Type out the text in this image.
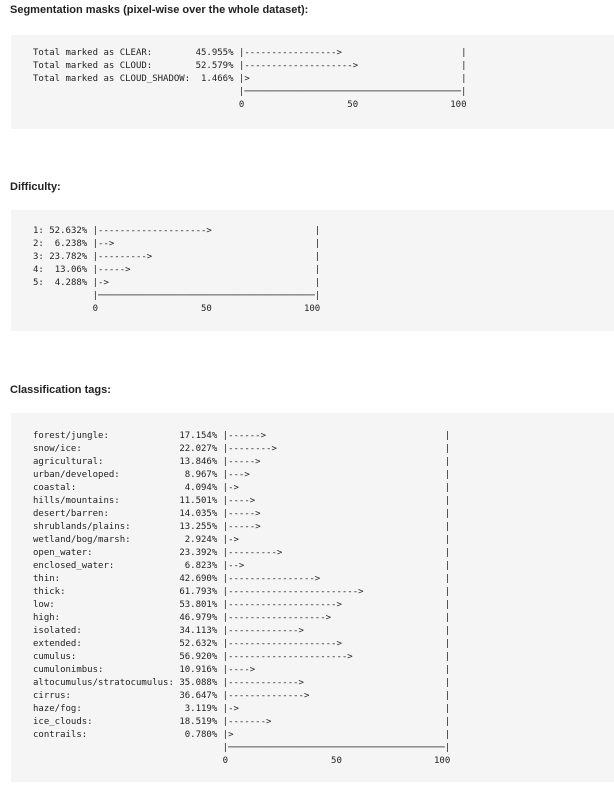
Segmentation masks (pixel-wise over the whole dataset):
Total marked as CLEAR:	45.955% |----------------->                      |
Total marked as CLOUD:	52.579% |-------------------->                   |
Total marked as CLOUD_SHADOW: 1.466% |>                                       |
|────────────────────────────────────────|
0	50	100
Difficulty:
1: 52.632% |-------------------->                   |
2: 6.238% |-->                                     |
3: 23.782% |--------->                              |
4: 13.06% |----->                                  |
5: 4.288% |->                                      |
|────────────────────────────────────────|
0	50	100
Classification tags:
forest/jungle:	17.154% |------>                                 |
snow/ice:	22.027% |-------->                               |
agricultural:	13.846% |----->                                  |
urban/developed:	8.967% |--->                                    |
coastal:	4.094% |->                                      |
hills/mountains:	11.501% |---->                                   |
desert/barren:	14.035% |----->                                  |
shrublands/plains:	13.255% |----->                                  |
wetland/bog/marsh:	2.924% |->                                      |
open_water:	23.392% |--------->                              |
enclosed_water:	6.823% |-->                                     |
thin:	42.690% |---------------->                       |
thick:	61.793% |------------------------>               |
low:	53.801% |-------------------->                   |
high:	46.979% |------------------>                     |
isolated:	34.113% |------------->                          |
extended:	52.632% |-------------------->                   |
cumulus:	56.920% |---------------------->                 |
cumulonimbus:	10.916% |---->                                   |
altocumulus/stratocumulus: 35.088% |------------->                          |
cirrus:	36.647% |-------------->                         |
haze/fog:	3.119% |->                                      |
ice_clouds:	18.519% |------->                                |
contrails:	0.780% |>                                       |
|────────────────────────────────────────|
0	50	100
